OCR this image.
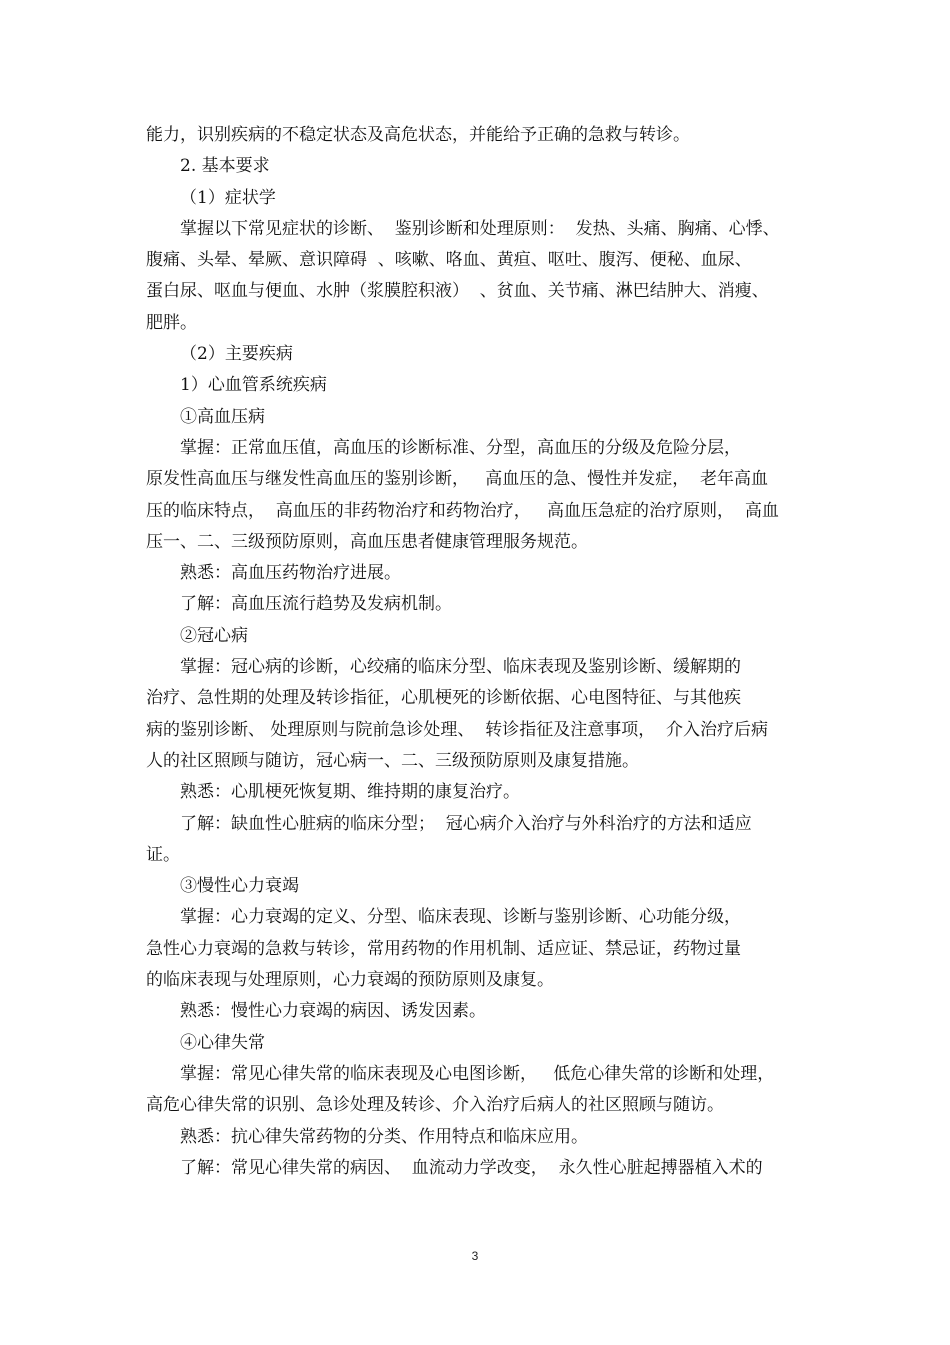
能力，识别疾病的不稳定状态及高危状态，并能给予正确的急救与转诊。

2. 基本要求

（1）症状学

掌握以下常见症状的诊断、  鉴别诊断和处理原则：  发热、头痛、胸痛、心悸、

腹痛、头晕、晕厥、意识障碍  、咳嗽、咯血、黄疸、呕吐、腹泻、便秘、血尿、

蛋白尿、呕血与便血、水肿（浆膜腔积液）  、贫血、关节痛、淋巴结肿大、消瘦、

肥胖。

（2）主要疾病

1）心血管系统疾病

①高血压病

掌握：正常血压值，高血压的诊断标准、分型，高血压的分级及危险分层，

原发性高血压与继发性高血压的鉴别诊断，   高血压的急、慢性并发症，  老年高血

压的临床特点，  高血压的非药物治疗和药物治疗，   高血压急症的治疗原则，  高血

压一、二、三级预防原则，高血压患者健康管理服务规范。

熟悉：高血压药物治疗进展。

了解：高血压流行趋势及发病机制。

②冠心病

掌握：冠心病的诊断，心绞痛的临床分型、临床表现及鉴别诊断、缓解期的

治疗、急性期的处理及转诊指征，心肌梗死的诊断依据、心电图特征、与其他疾

病的鉴别诊断、 处理原则与院前急诊处理、  转诊指征及注意事项，  介入治疗后病

人的社区照顾与随访，冠心病一、二、三级预防原则及康复措施。

熟悉：心肌梗死恢复期、维持期的康复治疗。

了解：缺血性心脏病的临床分型；  冠心病介入治疗与外科治疗的方法和适应

证。

③慢性心力衰竭

掌握：心力衰竭的定义、分型、临床表现、诊断与鉴别诊断、心功能分级，

急性心力衰竭的急救与转诊，常用药物的作用机制、适应证、禁忌证，药物过量

的临床表现与处理原则，心力衰竭的预防原则及康复。

熟悉：慢性心力衰竭的病因、诱发因素。

④心律失常

掌握：常见心律失常的临床表现及心电图诊断，   低危心律失常的诊断和处理，

高危心律失常的识别、急诊处理及转诊、介入治疗后病人的社区照顾与随访。

熟悉：抗心律失常药物的分类、作用特点和临床应用。

了解：常见心律失常的病因、  血流动力学改变，  永久性心脏起搏器植入术的

3
